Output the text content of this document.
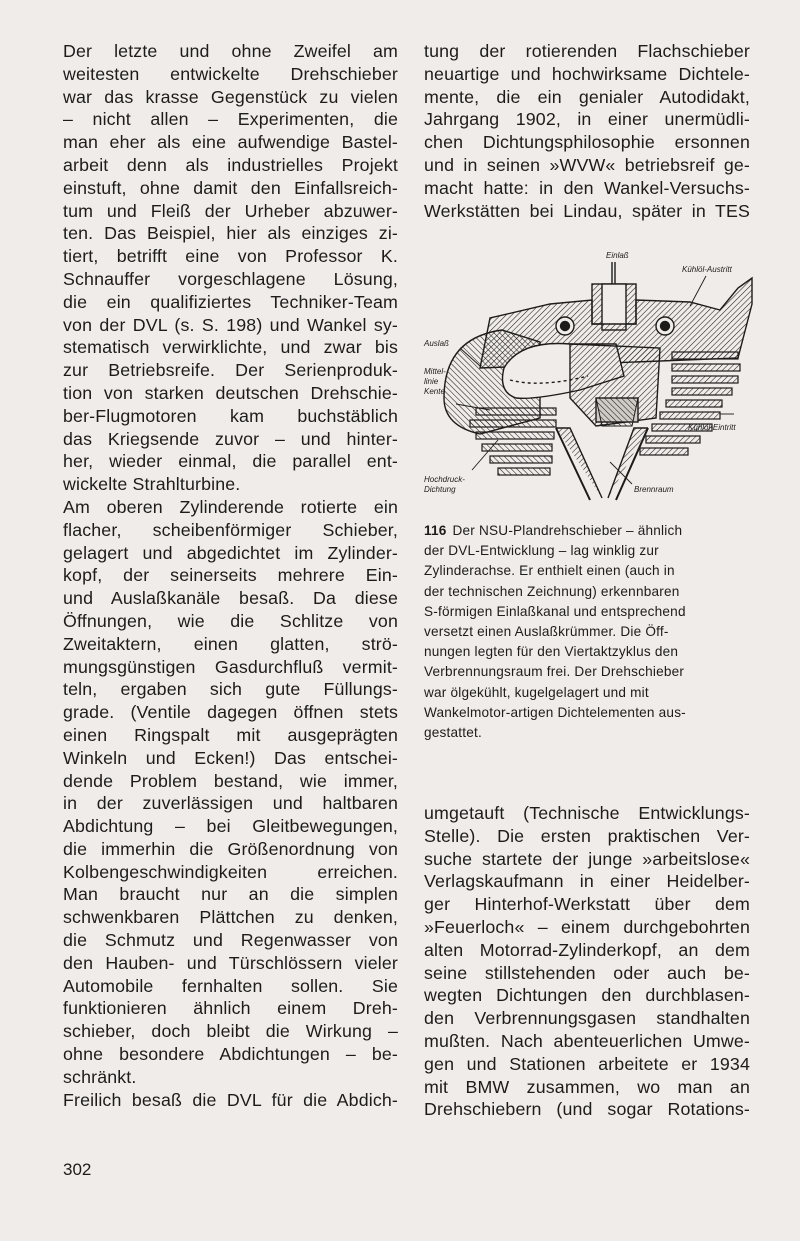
Der letzte und ohne Zweifel am
weitesten entwickelte Drehschieber
war das krasse Gegenstück zu vielen
– nicht allen – Experimenten, die
man eher als eine aufwendige Bastel-
arbeit denn als industrielles Projekt
einstuft, ohne damit den Einfallsreich-
tum und Fleiß der Urheber abzuwer-
ten. Das Beispiel, hier als einziges zi-
tiert, betrifft eine von Professor K.
Schnauffer vorgeschlagene Lösung,
die ein qualifiziertes Techniker-Team
von der DVL (s. S. 198) und Wankel sy-
stematisch verwirklichte, und zwar bis
zur Betriebsreife. Der Serienproduk-
tion von starken deutschen Drehschie-
ber-Flugmotoren kam buchstäblich
das Kriegsende zuvor – und hinter-
her, wieder einmal, die parallel ent-
wickelte Strahlturbine.
Am oberen Zylinderende rotierte ein
flacher, scheibenförmiger Schieber,
gelagert und abgedichtet im Zylinder-
kopf, der seinerseits mehrere Ein-
und Auslaßkanäle besaß. Da diese
Öffnungen, wie die Schlitze von
Zweitaktern, einen glatten, strö-
mungsgünstigen Gasdurchfluß vermit-
teln, ergaben sich gute Füllungs-
grade. (Ventile dagegen öffnen stets
einen Ringspalt mit ausgeprägten
Winkeln und Ecken!) Das entschei-
dende Problem bestand, wie immer,
in der zuverlässigen und haltbaren
Abdichtung – bei Gleitbewegungen,
die immerhin die Größenordnung von
Kolbengeschwindigkeiten erreichen.
Man braucht nur an die simplen
schwenkbaren Plättchen zu denken,
die Schmutz und Regenwasser von
den Hauben- und Türschlössern vieler
Automobile fernhalten sollen. Sie
funktionieren ähnlich einem Dreh-
schieber, doch bleibt die Wirkung –
ohne besondere Abdichtungen – be-
schränkt.
Freilich besaß die DVL für die Abdich-
tung der rotierenden Flachschieber
neuartige und hochwirksame Dichtele-
mente, die ein genialer Autodidakt,
Jahrgang 1902, in einer unermüdli-
chen Dichtungsphilosophie ersonnen
und in seinen »WVW« betriebsreif ge-
macht hatte: in den Wankel-Versuchs-
Werkstätten bei Lindau, später in TES
Einlaß
Kühlöl-Austritt
Auslaß
Mittel-
linie
Kente
Kühlöl-Eintritt
Hochdruck-
Dichtung	Brennraum
116 Der NSU-Plandrehschieber – ähnlich
der DVL-Entwicklung – lag winklig zur
Zylinderachse. Er enthielt einen (auch in
der technischen Zeichnung) erkennbaren
S-förmigen Einlaßkanal und entsprechend
versetzt einen Auslaßkrümmer. Die Öff-
nungen legten für den Viertaktzyklus den
Verbrennungsraum frei. Der Drehschieber
war ölgekühlt, kugelgelagert und mit
Wankelmotor-artigen Dichtelementen aus-
gestattet.
umgetauft (Technische Entwicklungs-
Stelle). Die ersten praktischen Ver-
suche startete der junge »arbeitslose«
Verlagskaufmann in einer Heidelber-
ger Hinterhof-Werkstatt über dem
»Feuerloch« – einem durchgebohrten
alten Motorrad-Zylinderkopf, an dem
seine stillstehenden oder auch be-
wegten Dichtungen den durchblasen-
den Verbrennungsgasen standhalten
mußten. Nach abenteuerlichen Umwe-
gen und Stationen arbeitete er 1934
mit BMW zusammen, wo man an
Drehschiebern (und sogar Rotations-
302
